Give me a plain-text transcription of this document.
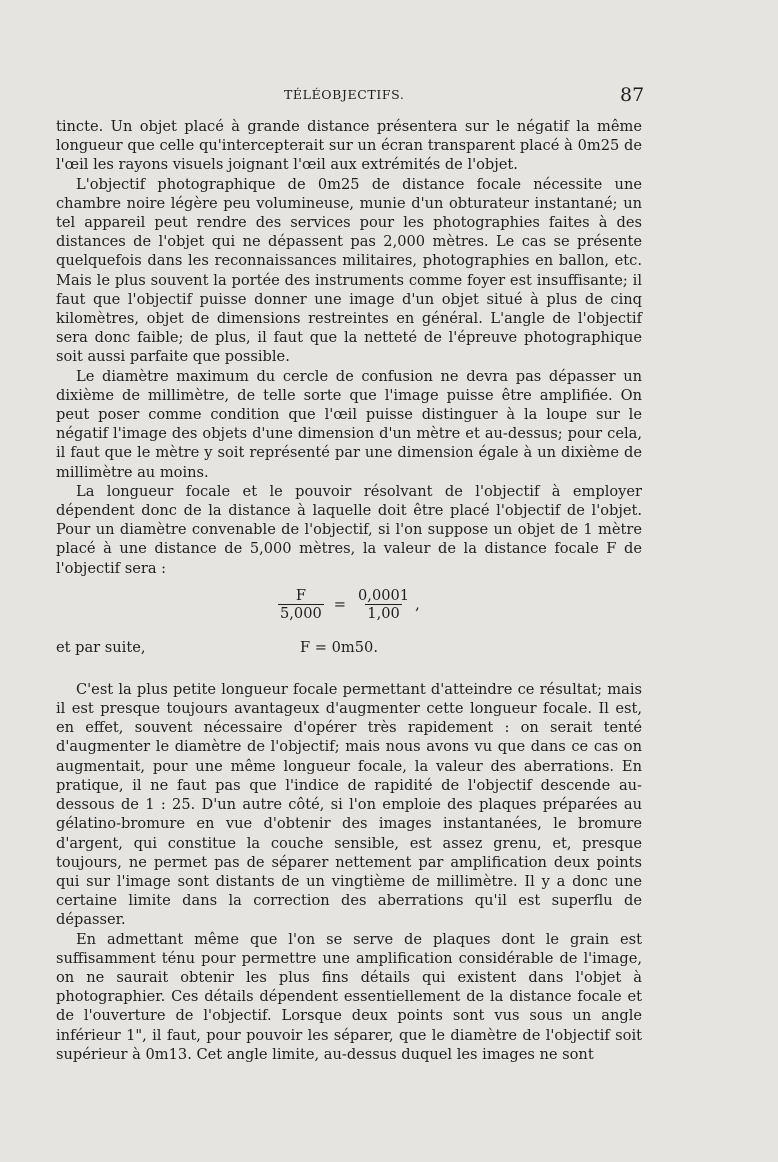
TÉLÉOBJECTIFS.	87

tincte. Un objet placé à grande distance présentera sur le négatif la même longueur que celle qu'intercepterait sur un écran transparent placé à 0m25 de l'œil les rayons visuels joignant l'œil aux extrémités de l'objet.

L'objectif photographique de 0m25 de distance focale nécessite une chambre noire légère peu volumineuse, munie d'un obturateur instantané; un tel appareil peut rendre des services pour les photographies faites à des distances de l'objet qui ne dépassent pas 2,000 mètres. Le cas se présente quelquefois dans les reconnaissances militaires, photographies en ballon, etc. Mais le plus souvent la portée des instruments comme foyer est insuffisante; il faut que l'objectif puisse donner une image d'un objet situé à plus de cinq kilomètres, objet de dimensions restreintes en général. L'angle de l'objectif sera donc faible; de plus, il faut que la netteté de l'épreuve photographique soit aussi parfaite que possible.

Le diamètre maximum du cercle de confusion ne devra pas dépasser un dixième de millimètre, de telle sorte que l'image puisse être amplifiée. On peut poser comme condition que l'œil puisse distinguer à la loupe sur le négatif l'image des objets d'une dimension d'un mètre et au-dessus; pour cela, il faut que le mètre y soit représenté par une dimension égale à un dixième de millimètre au moins.

La longueur focale et le pouvoir résolvant de l'objectif à employer dépendent donc de la distance à laquelle doit être placé l'objectif de l'objet. Pour un diamètre convenable de l'objectif, si l'on suppose un objet de 1 mètre placé à une distance de 5,000 mètres, la valeur de la distance focale F de l'objectif sera :

$\frac{F}{5,000} = \frac{0,0001}{1,00}$ ,
et par suite,	F = 0m50.

C'est la plus petite longueur focale permettant d'atteindre ce résultat; mais il est presque toujours avantageux d'augmenter cette longueur focale. Il est, en effet, souvent nécessaire d'opérer très rapidement : on serait tenté d'augmenter le diamètre de l'objectif; mais nous avons vu que dans ce cas on augmentait, pour une même longueur focale, la valeur des aberrations. En pratique, il ne faut pas que l'indice de rapidité de l'objectif descende au-dessous de 1 : 25. D'un autre côté, si l'on emploie des plaques préparées au gélatino-bromure en vue d'obtenir des images instantanées, le bromure d'argent, qui constitue la couche sensible, est assez grenu, et, presque toujours, ne permet pas de séparer nettement par amplification deux points qui sur l'image sont distants de un vingtième de millimètre. Il y a donc une certaine limite dans la correction des aberrations qu'il est superflu de dépasser.

En admettant même que l'on se serve de plaques dont le grain est suffisamment ténu pour permettre une amplification considérable de l'image, on ne saurait obtenir les plus fins détails qui existent dans l'objet à photographier. Ces détails dépendent essentiellement de la distance focale et de l'ouverture de l'objectif. Lorsque deux points sont vus sous un angle inférieur 1", il faut, pour pouvoir les séparer, que le diamètre de l'objectif soit supérieur à 0m13. Cet angle limite, au-dessus duquel les images ne sont
